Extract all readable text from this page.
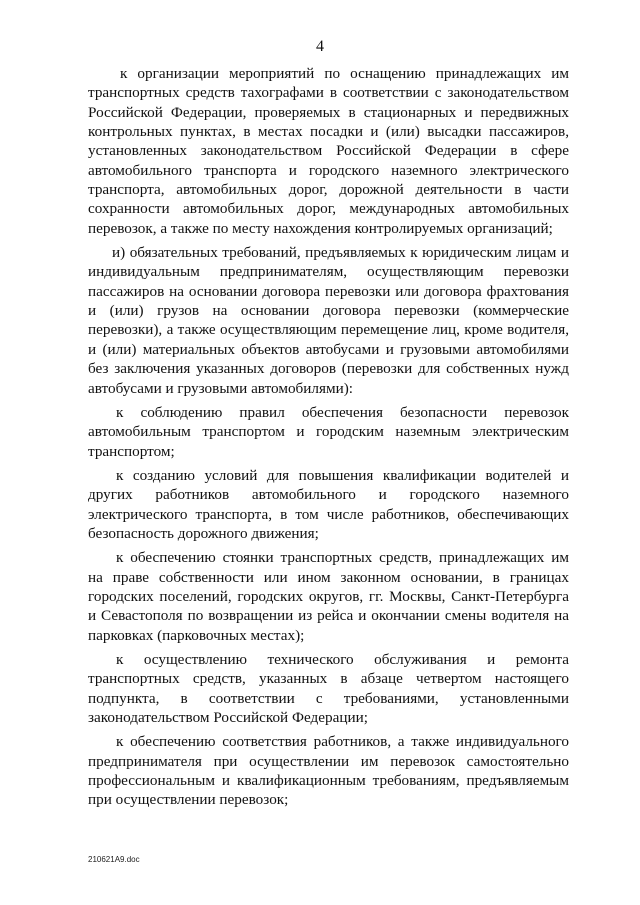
4

к организации мероприятий по оснащению принадлежащих им транспортных средств тахографами в соответствии с законодательством Российской Федерации, проверяемых в стационарных и передвижных контрольных пунктах, в местах посадки и (или) высадки пассажиров, установленных законодательством Российской Федерации в сфере автомобильного транспорта и городского наземного электрического транспорта, автомобильных дорог, дорожной деятельности в части сохранности автомобильных дорог, международных автомобильных перевозок, а также по месту нахождения контролируемых организаций;

и) обязательных требований, предъявляемых к юридическим лицам и индивидуальным предпринимателям, осуществляющим перевозки пассажиров на основании договора перевозки или договора фрахтования и (или) грузов на основании договора перевозки (коммерческие перевозки), а также осуществляющим перемещение лиц, кроме водителя, и (или) материальных объектов автобусами и грузовыми автомобилями без заключения указанных договоров (перевозки для собственных нужд автобусами и грузовыми автомобилями):

к соблюдению правил обеспечения безопасности перевозок автомобильным транспортом и городским наземным электрическим транспортом;

к созданию условий для повышения квалификации водителей и других работников автомобильного и городского наземного электрического транспорта, в том числе работников, обеспечивающих безопасность дорожного движения;

к обеспечению стоянки транспортных средств, принадлежащих им на праве собственности или ином законном основании, в границах городских поселений, городских округов, гг. Москвы, Санкт-Петербурга и Севастополя по возвращении из рейса и окончании смены водителя на парковках (парковочных местах);

к осуществлению технического обслуживания и ремонта транспортных средств, указанных в абзаце четвертом настоящего подпункта, в соответствии с требованиями, установленными законодательством Российской Федерации;

к обеспечению соответствия работников, а также индивидуального предпринимателя при осуществлении им перевозок самостоятельно профессиональным и квалификационным требованиям, предъявляемым при осуществлении перевозок;

210621A9.doc
